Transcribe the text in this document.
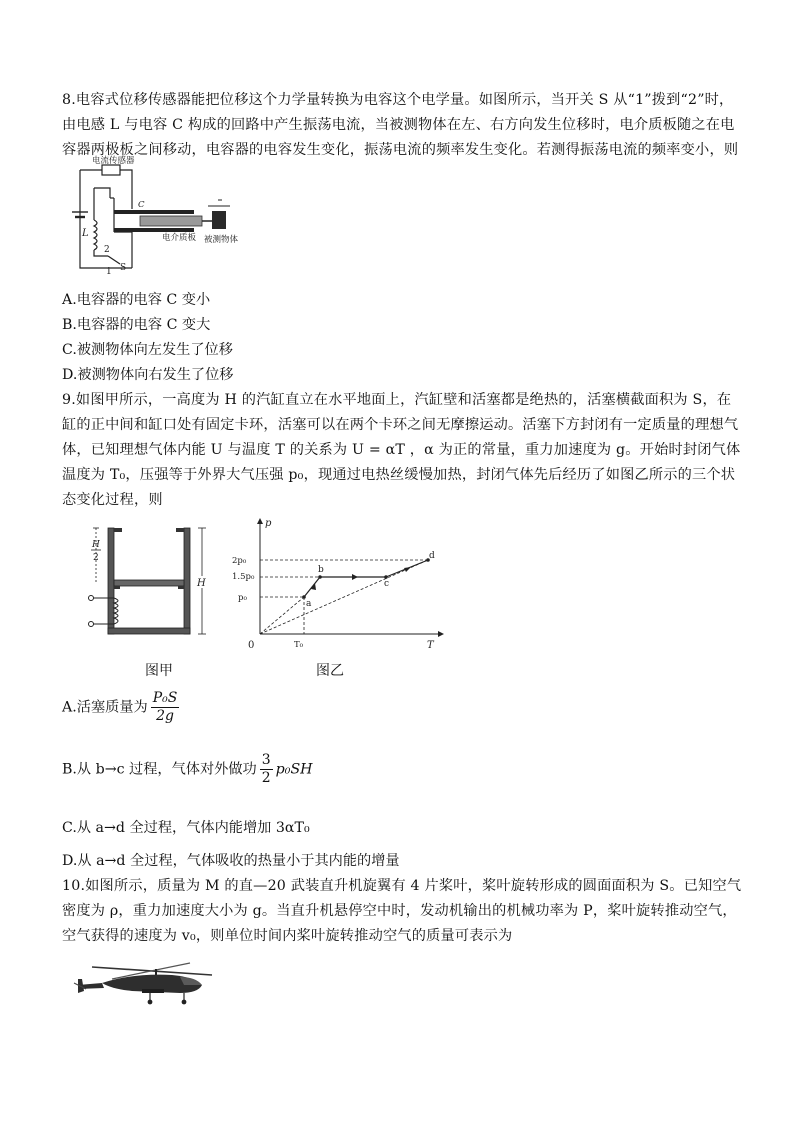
8.电容式位移传感器能把位移这个力学量转换为电容这个电学量。如图所示，当开关 S 从“1”拨到“2”时，由电感 L 与电容 C 构成的回路中产生振荡电流，当被测物体在左、右方向发生位移时，电介质板随之在电容器两极板之间移动，电容器的电容发生变化，振荡电流的频率发生变化。若测得振荡电流的频率变小，则
电流传感器
L
2
1 S
C
电介质板 被测物体
A.电容器的电容 C 变小
B.电容器的电容 C 变大
C.被测物体向左发生了位移
D.被测物体向右发生了位移
9.如图甲所示，一高度为 H 的汽缸直立在水平地面上，汽缸壁和活塞都是绝热的，活塞横截面积为 S，在缸的正中间和缸口处有固定卡环，活塞可以在两个卡环之间无摩擦运动。活塞下方封闭有一定质量的理想气体，已知理想气体内能 U 与温度 T 的关系为 U = αT ，α 为正的常量，重力加速度为 g。开始时封闭气体温度为 T₀，压强等于外界大气压强 p₀，现通过电热丝缓慢加热，封闭气体先后经历了如图乙所示的三个状态变化过程，则
H
2
H
图甲
p
T
0
2p₀
1.5p₀
p₀
T₀
a
b
c
d
图乙
A.活塞质量为 $\frac{\text{P₀S}}{2g}$
B.从 b→c 过程，气体对外做功 $\frac{3}{2} p_0SH$
C.从 a→d 全过程，气体内能增加 3αT₀
D.从 a→d 全过程，气体吸收的热量小于其内能的增量
10.如图所示，质量为 M 的直—20 武装直升机旋翼有 4 片桨叶，桨叶旋转形成的圆面面积为 S。已知空气密度为 ρ，重力加速度大小为 g。当直升机悬停空中时，发动机输出的机械功率为 P，桨叶旋转推动空气，空气获得的速度为 v₀，则单位时间内桨叶旋转推动空气的质量可表示为
